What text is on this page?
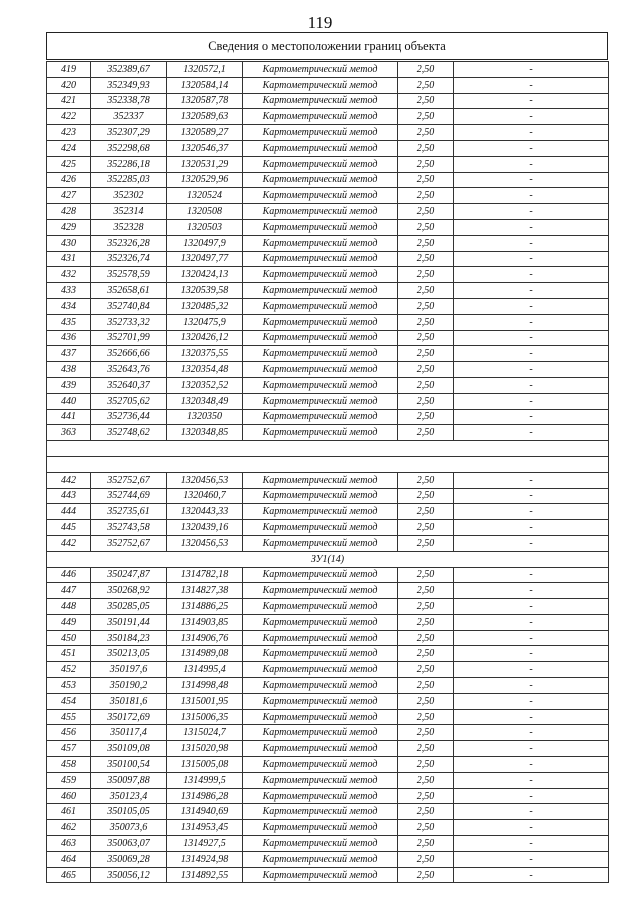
119
Сведения о местоположении границ объекта
419	352389,67	1320572,1	Картометрический метод	2,50	-
420	352349,93	1320584,14	Картометрический метод	2,50	-
421	352338,78	1320587,78	Картометрический метод	2,50	-
422	352337	1320589,63	Картометрический метод	2,50	-
423	352307,29	1320589,27	Картометрический метод	2,50	-
424	352298,68	1320546,37	Картометрический метод	2,50	-
425	352286,18	1320531,29	Картометрический метод	2,50	-
426	352285,03	1320529,96	Картометрический метод	2,50	-
427	352302	1320524	Картометрический метод	2,50	-
428	352314	1320508	Картометрический метод	2,50	-
429	352328	1320503	Картометрический метод	2,50	-
430	352326,28	1320497,9	Картометрический метод	2,50	-
431	352326,74	1320497,77	Картометрический метод	2,50	-
432	352578,59	1320424,13	Картометрический метод	2,50	-
433	352658,61	1320539,58	Картометрический метод	2,50	-
434	352740,84	1320485,32	Картометрический метод	2,50	-
435	352733,32	1320475,9	Картометрический метод	2,50	-
436	352701,99	1320426,12	Картометрический метод	2,50	-
437	352666,66	1320375,55	Картометрический метод	2,50	-
438	352643,76	1320354,48	Картометрический метод	2,50	-
439	352640,37	1320352,52	Картометрический метод	2,50	-
440	352705,62	1320348,49	Картометрический метод	2,50	-
441	352736,44	1320350	Картометрический метод	2,50	-
363	352748,62	1320348,85	Картометрический метод	2,50	-

442	352752,67	1320456,53	Картометрический метод	2,50	-
443	352744,69	1320460,7	Картометрический метод	2,50	-
444	352735,61	1320443,33	Картометрический метод	2,50	-
445	352743,58	1320439,16	Картометрический метод	2,50	-
442	352752,67	1320456,53	Картометрический метод	2,50	-
ЗУ1(14)					
446	350247,87	1314782,18	Картометрический метод	2,50	-
447	350268,92	1314827,38	Картометрический метод	2,50	-
448	350285,05	1314886,25	Картометрический метод	2,50	-
449	350191,44	1314903,85	Картометрический метод	2,50	-
450	350184,23	1314906,76	Картометрический метод	2,50	-
451	350213,05	1314989,08	Картометрический метод	2,50	-
452	350197,6	1314995,4	Картометрический метод	2,50	-
453	350190,2	1314998,48	Картометрический метод	2,50	-
454	350181,6	1315001,95	Картометрический метод	2,50	-
455	350172,69	1315006,35	Картометрический метод	2,50	-
456	350117,4	1315024,7	Картометрический метод	2,50	-
457	350109,08	1315020,98	Картометрический метод	2,50	-
458	350100,54	1315005,08	Картометрический метод	2,50	-
459	350097,88	1314999,5	Картометрический метод	2,50	-
460	350123,4	1314986,28	Картометрический метод	2,50	-
461	350105,05	1314940,69	Картометрический метод	2,50	-
462	350073,6	1314953,45	Картометрический метод	2,50	-
463	350063,07	1314927,5	Картометрический метод	2,50	-
464	350069,28	1314924,98	Картометрический метод	2,50	-
465	350056,12	1314892,55	Картометрический метод	2,50	-
